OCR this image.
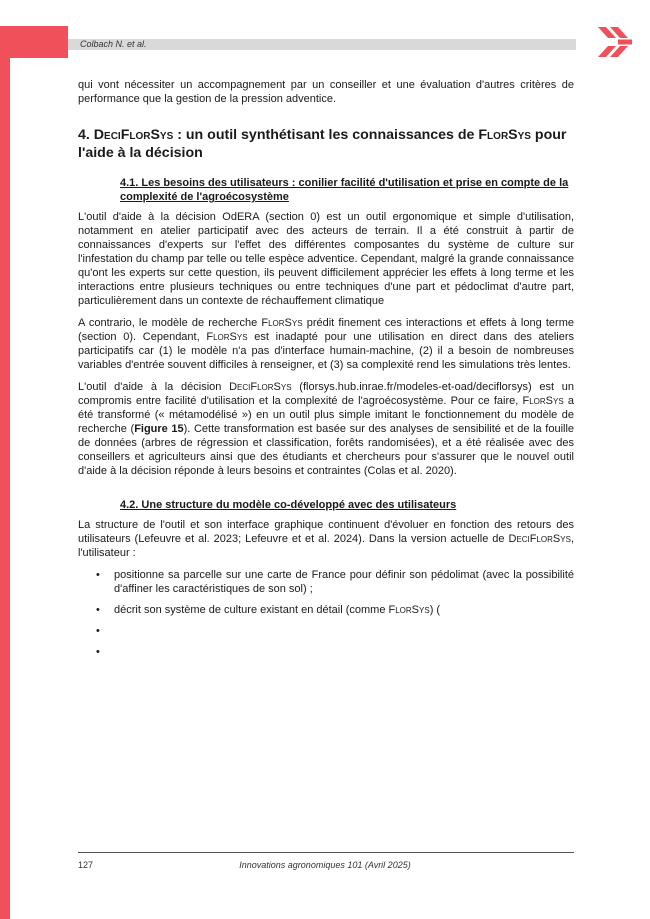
Colbach N. et al.

qui vont nécessiter un accompagnement par un conseiller et une évaluation d'autres critères de performance que la gestion de la pression adventice.

4. DeciFlorSys : un outil synthétisant les connaissances de FlorSys pour l'aide à la décision
4.1. Les besoins des utilisateurs : conilier facilité d'utilisation et prise en compte de la complexité de l'agroécosystème

L'outil d'aide à la décision OdERA (section 0) est un outil ergonomique et simple d'utilisation, notamment en atelier participatif avec des acteurs de terrain. Il a été construit à partir de connaissances d'experts sur l'effet des différentes composantes du système de culture sur l'infestation du champ par telle ou telle espèce adventice. Cependant, malgré la grande connaissance qu'ont les experts sur cette question, ils peuvent difficilement apprécier les effets à long terme et les interactions entre plusieurs techniques ou entre techniques d'une part et pédoclimat d'autre part, particulièrement dans un contexte de réchauffement climatique

A contrario, le modèle de recherche FlorSys prédit finement ces interactions et effets à long terme (section 0). Cependant, FlorSys est inadapté pour une utilisation en direct dans des ateliers participatifs car (1) le modèle n'a pas d'interface humain-machine, (2) il a besoin de nombreuses variables d'entrée souvent difficiles à renseigner, et (3) sa complexité rend les simulations très lentes.

L'outil d'aide à la décision DeciFlorSys (florsys.hub.inrae.fr/modeles-et-oad/deciflorsys) est un compromis entre facilité d'utilisation et la complexité de l'agroécosystème. Pour ce faire, FlorSys a été transformé (« métamodélisé ») en un outil plus simple imitant le fonctionnement du modèle de recherche (Figure 15). Cette transformation est basée sur des analyses de sensibilité et de la fouille de données (arbres de régression et classification, forêts randomisées), et a été réalisée avec des conseillers et agriculteurs ainsi que des étudiants et chercheurs pour s'assurer que le nouvel outil d'aide à la décision réponde à leurs besoins et contraintes (Colas et al. 2020).

4.2. Une structure du modèle co-développé avec des utilisateurs

La structure de l'outil et son interface graphique continuent d'évoluer en fonction des retours des utilisateurs (Lefeuvre et al. 2023; Lefeuvre et et al. 2024). Dans la version actuelle de DeciFlorSys, l'utilisateur :

• positionne sa parcelle sur une carte de France pour définir son pédolimat (avec la possibilité d'affiner les caractéristiques de son sol) ;
• décrit son système de culture existant en détail (comme FlorSys) (
•
•
127	Innovations agronomiques 101 (Avril 2025)
